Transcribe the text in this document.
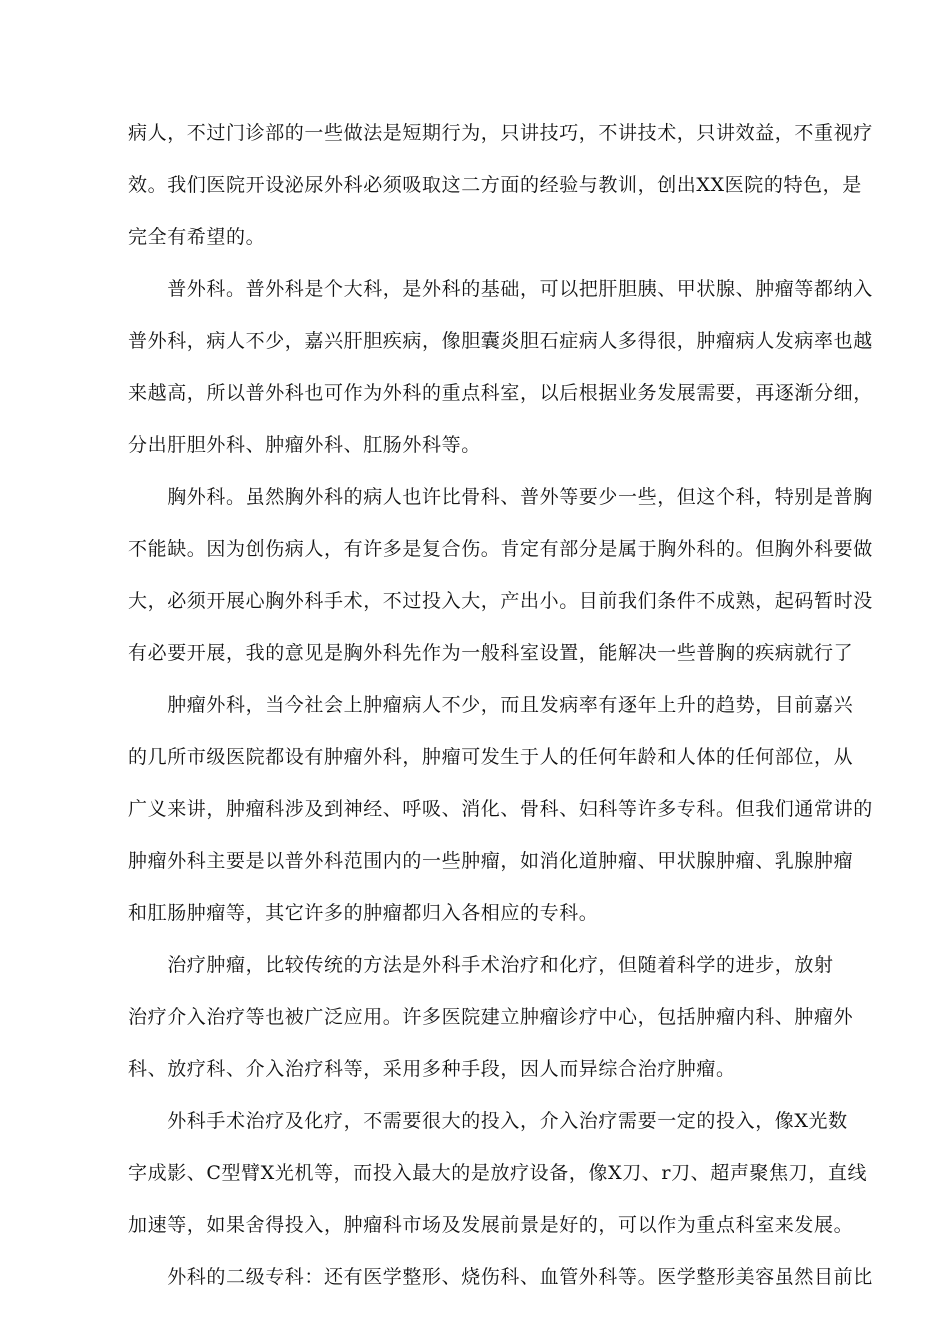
病人，不过门诊部的一些做法是短期行为，只讲技巧，不讲技术，只讲效益，不重视疗
效。我们医院开设泌尿外科必须吸取这二方面的经验与教训，创出XX医院的特色，是
完全有希望的。
　　普外科。普外科是个大科，是外科的基础，可以把肝胆胰、甲状腺、肿瘤等都纳入
普外科，病人不少，嘉兴肝胆疾病，像胆囊炎胆石症病人多得很，肿瘤病人发病率也越
来越高，所以普外科也可作为外科的重点科室，以后根据业务发展需要，再逐渐分细，
分出肝胆外科、肿瘤外科、肛肠外科等。
　　胸外科。虽然胸外科的病人也许比骨科、普外等要少一些，但这个科，特别是普胸
不能缺。因为创伤病人，有许多是复合伤。肯定有部分是属于胸外科的。但胸外科要做
大，必须开展心胸外科手术，不过投入大，产出小。目前我们条件不成熟，起码暂时没
有必要开展，我的意见是胸外科先作为一般科室设置，能解决一些普胸的疾病就行了
　　肿瘤外科，当今社会上肿瘤病人不少，而且发病率有逐年上升的趋势，目前嘉兴
的几所市级医院都设有肿瘤外科，肿瘤可发生于人的任何年龄和人体的任何部位，从
广义来讲，肿瘤科涉及到神经、呼吸、消化、骨科、妇科等许多专科。但我们通常讲的
肿瘤外科主要是以普外科范围内的一些肿瘤，如消化道肿瘤、甲状腺肿瘤、乳腺肿瘤
和肛肠肿瘤等，其它许多的肿瘤都归入各相应的专科。
　　治疗肿瘤，比较传统的方法是外科手术治疗和化疗，但随着科学的进步，放射
治疗介入治疗等也被广泛应用。许多医院建立肿瘤诊疗中心，包括肿瘤内科、肿瘤外
科、放疗科、介入治疗科等，采用多种手段，因人而异综合治疗肿瘤。
　　外科手术治疗及化疗，不需要很大的投入，介入治疗需要一定的投入，像X光数
字成影、C型臂X光机等，而投入最大的是放疗设备，像X刀、r刀、超声聚焦刀，直线
加速等，如果舍得投入，肿瘤科市场及发展前景是好的，可以作为重点科室来发展。
　　外科的二级专科：还有医学整形、烧伤科、血管外科等。医学整形美容虽然目前比
